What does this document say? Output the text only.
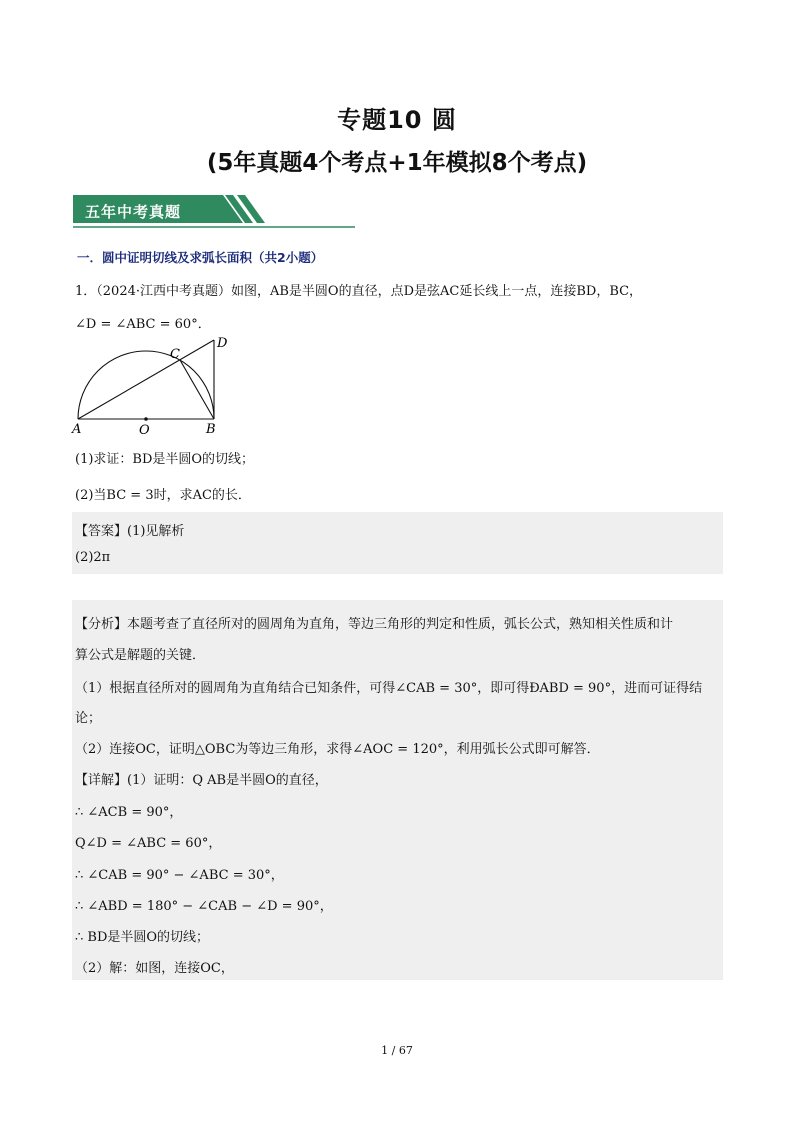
专题10 圆
(5年真题4个考点+1年模拟8个考点)
五年中考真题
一．圆中证明切线及求弧长面积（共2小题）
1．（2024·江西中考真题）如图，AB是半圆O的直径，点D是弦AC延长线上一点，连接BD，BC，
∠D = ∠ABC = 60°．
A	O	B
C
D
(1)求证：BD是半圆O的切线；
(2)当BC = 3时，求AC的长．
【答案】(1)见解析
(2)2π
【分析】本题考查了直径所对的圆周角为直角，等边三角形的判定和性质，弧长公式，熟知相关性质和计
算公式是解题的关键．
（1）根据直径所对的圆周角为直角结合已知条件，可得∠CAB = 30°，即可得ÐABD = 90°，进而可证得结
论；
（2）连接OC，证明△OBC为等边三角形，求得∠AOC = 120°，利用弧长公式即可解答．
【详解】(1）证明：Q AB是半圆O的直径，
∴ ∠ACB = 90°，
Q∠D = ∠ABC = 60°，
∴ ∠CAB = 90° − ∠ABC = 30°，
∴ ∠ABD = 180° − ∠CAB − ∠D = 90°，
∴ BD是半圆O的切线；
（2）解：如图，连接OC，
1 / 67
